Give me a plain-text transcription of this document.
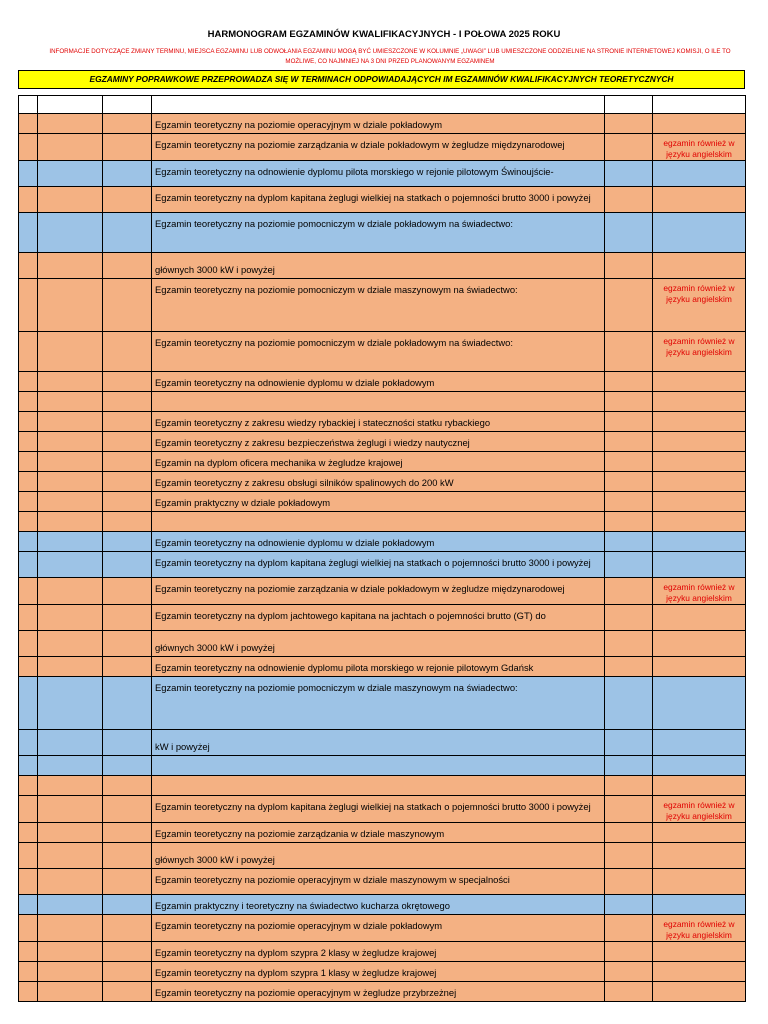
HARMONOGRAM EGZAMINÓW KWALIFIKACYJNYCH - I POŁOWA 2025 ROKU
INFORMACJE DOTYCZĄCE ZMIANY TERMINU, MIEJSCA EGZAMINU LUB ODWOŁANIA EGZAMINU MOGĄ BYĆ UMIESZCZONE W KOLUMNIE „UWAGI” LUB UMIESZCZONE ODDZIELNIE NA STRONIE INTERNETOWEJ KOMISJI, O ILE TO MOŻLIWE, CO NAJMNIEJ NA 3 DNI PRZED PLANOWANYM EGZAMINEM
EGZAMINY POPRAWKOWE PRZEPROWADZA SIĘ W TERMINACH ODPOWIADAJĄCYCH IM EGZAMINÓW KWALIFIKACYJNYCH TEORETYCZNYCH

			Egzamin teoretyczny na poziomie operacyjnym w dziale pokładowym		
			Egzamin teoretyczny na poziomie zarządzania w dziale pokładowym w żegludze międzynarodowej		egzamin również w języku angielskim
			Egzamin teoretyczny na odnowienie dyplomu pilota morskiego w rejonie pilotowym Świnoujście-		
			Egzamin teoretyczny na dyplom kapitana żeglugi wielkiej na statkach o pojemności brutto 3000 i powyżej		
			Egzamin teoretyczny na poziomie pomocniczym w dziale pokładowym na świadectwo:		
			głównych 3000 kW i powyżej		
			Egzamin teoretyczny na poziomie pomocniczym w dziale maszynowym na świadectwo:		egzamin również w języku angielskim
			Egzamin teoretyczny na poziomie pomocniczym w dziale pokładowym na świadectwo:		egzamin również w języku angielskim
			Egzamin teoretyczny na odnowienie dyplomu w dziale pokładowym		

			Egzamin teoretyczny z zakresu wiedzy rybackiej i stateczności statku rybackiego		
			Egzamin teoretyczny z zakresu bezpieczeństwa żeglugi i wiedzy nautycznej		
			Egzamin na dyplom oficera mechanika w żegludze krajowej		
			Egzamin teoretyczny z zakresu obsługi silników spalinowych do 200 kW		
			Egzamin praktyczny w dziale pokładowym		

			Egzamin teoretyczny na odnowienie dyplomu w dziale pokładowym		
			Egzamin teoretyczny na dyplom kapitana żeglugi wielkiej na statkach o pojemności brutto 3000 i powyżej		
			Egzamin teoretyczny na poziomie zarządzania w dziale pokładowym w żegludze międzynarodowej		egzamin również w języku angielskim
			Egzamin teoretyczny na dyplom jachtowego kapitana na jachtach o pojemności brutto (GT) do		
			głównych 3000 kW i powyżej		
			Egzamin teoretyczny na odnowienie dyplomu pilota morskiego w rejonie pilotowym Gdańsk		
			Egzamin teoretyczny na poziomie pomocniczym w dziale maszynowym na świadectwo:		
			kW i powyżej		

			Egzamin teoretyczny na dyplom kapitana żeglugi wielkiej na statkach o pojemności brutto 3000 i powyżej		egzamin również w języku angielskim
			Egzamin teoretyczny na poziomie zarządzania w dziale maszynowym		
			głównych 3000 kW i powyżej		
			Egzamin teoretyczny na poziomie operacyjnym w dziale maszynowym w specjalności		
			Egzamin praktyczny i teoretyczny na świadectwo kucharza okrętowego		
			Egzamin teoretyczny na poziomie operacyjnym w dziale pokładowym		egzamin również w języku angielskim
			Egzamin teoretyczny na dyplom szypra 2 klasy w żegludze krajowej		
			Egzamin teoretyczny na dyplom szypra 1 klasy w żegludze krajowej		
			Egzamin teoretyczny na poziomie operacyjnym w żegludze przybrzeżnej		
